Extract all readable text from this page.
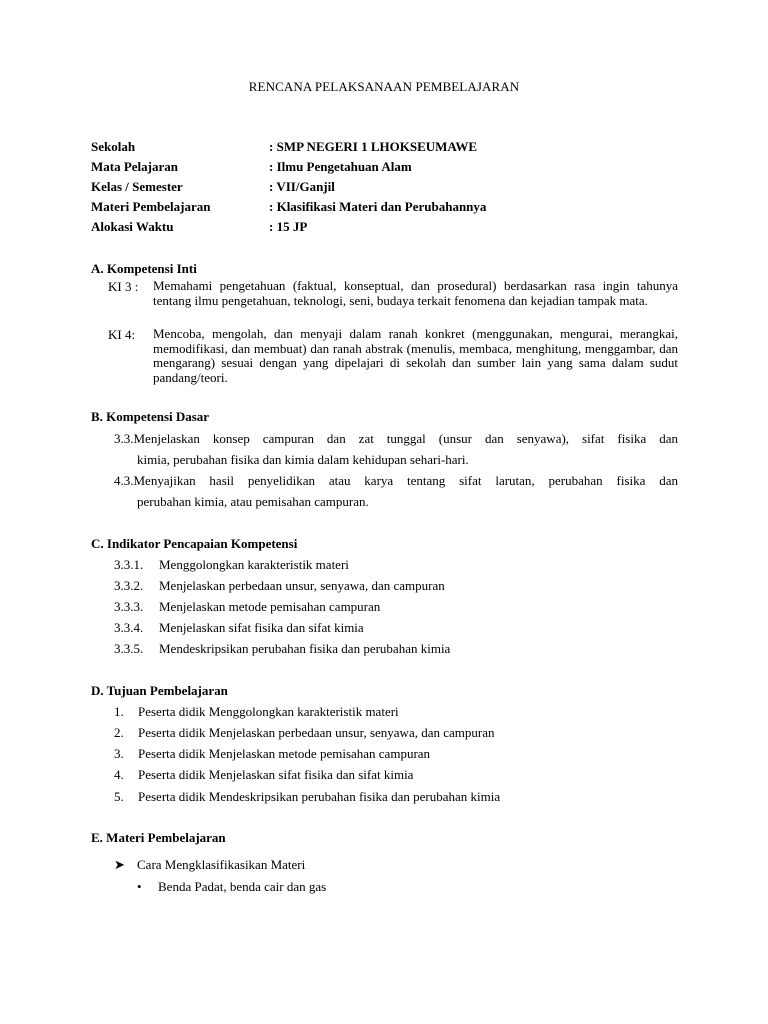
RENCANA PELAKSANAAN PEMBELAJARAN
Sekolah	: SMP NEGERI 1 LHOKSEUMAWE
Mata Pelajaran	: Ilmu Pengetahuan Alam
Kelas / Semester	: VII/Ganjil
Materi Pembelajaran	: Klasifikasi Materi dan Perubahannya
Alokasi Waktu	: 15 JP
A. Kompetensi Inti
KI 3 : Memahami pengetahuan (faktual, konseptual, dan prosedural) berdasarkan rasa ingin tahunya tentang ilmu pengetahuan, teknologi, seni, budaya terkait fenomena dan kejadian tampak mata.
KI 4: Mencoba, mengolah, dan menyaji dalam ranah konkret (menggunakan, mengurai, merangkai, memodifikasi, dan membuat) dan ranah abstrak (menulis, membaca, menghitung, menggambar, dan mengarang) sesuai dengan yang dipelajari di sekolah dan sumber lain yang sama dalam sudut pandang/teori.
B. Kompetensi Dasar
3.3.Menjelaskan konsep campuran dan zat tunggal (unsur dan senyawa), sifat fisika dan
kimia, perubahan fisika dan kimia dalam kehidupan sehari-hari.
4.3.Menyajikan hasil penyelidikan atau karya tentang sifat larutan, perubahan fisika dan
perubahan kimia, atau pemisahan campuran.
C. Indikator Pencapaian Kompetensi
3.3.1. Menggolongkan karakteristik materi
3.3.2. Menjelaskan perbedaan unsur, senyawa, dan campuran
3.3.3. Menjelaskan metode pemisahan campuran
3.3.4. Menjelaskan sifat fisika dan sifat kimia
3.3.5. Mendeskripsikan perubahan fisika dan perubahan kimia
D. Tujuan Pembelajaran
1. Peserta didik Menggolongkan karakteristik materi
2. Peserta didik Menjelaskan perbedaan unsur, senyawa, dan campuran
3. Peserta didik Menjelaskan metode pemisahan campuran
4. Peserta didik Menjelaskan sifat fisika dan sifat kimia
5. Peserta didik Mendeskripsikan perubahan fisika dan perubahan kimia
E. Materi Pembelajaran
➤ Cara Mengklasifikasikan Materi
• Benda Padat, benda cair dan gas
